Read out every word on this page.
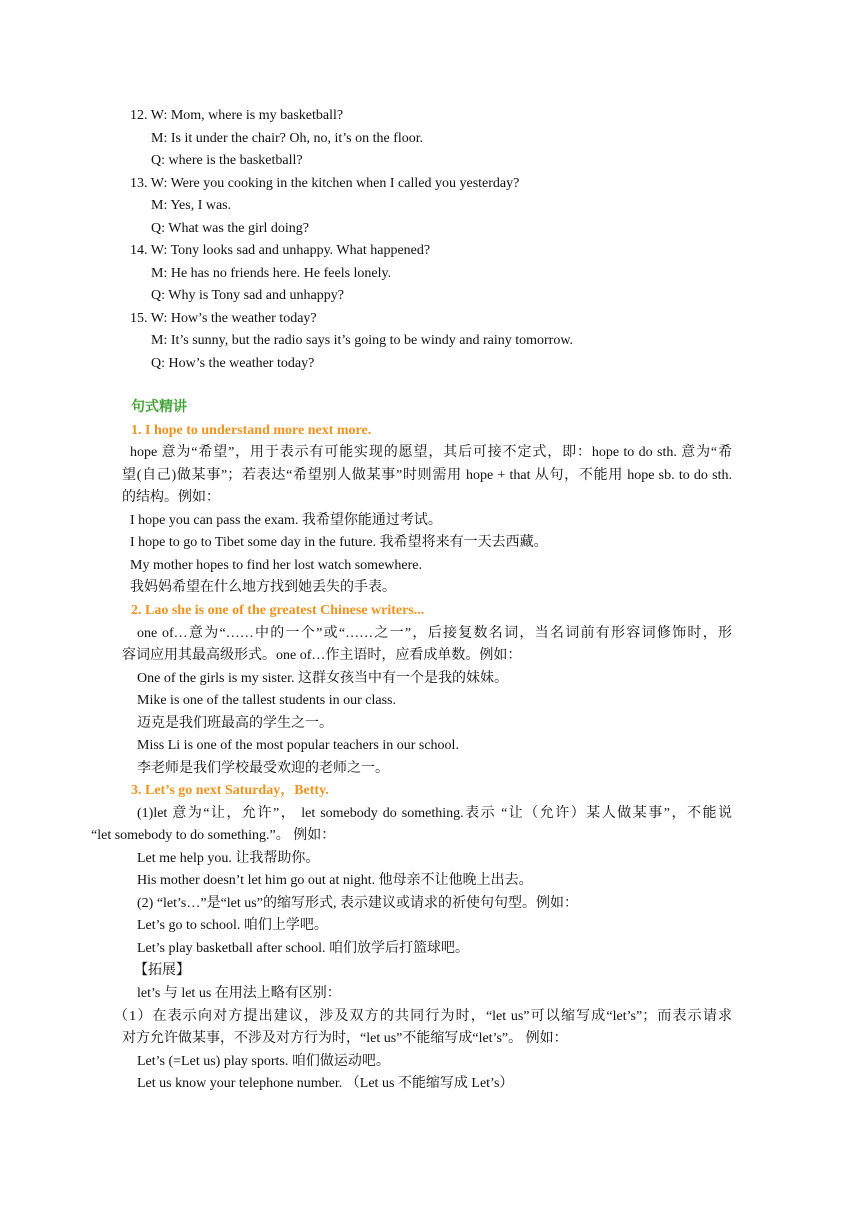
12. W: Mom, where is my basketball?
M: Is it under the chair? Oh, no, it’s on the floor.
Q: where is the basketball?
13. W: Were you cooking in the kitchen when I called you yesterday?
M: Yes, I was.
Q: What was the girl doing?
14. W: Tony looks sad and unhappy. What happened?
M: He has no friends here. He feels lonely.
Q: Why is Tony sad and unhappy?
15. W: How’s the weather today?
M: It’s sunny, but the radio says it’s going to be windy and rainy tomorrow.
Q: How’s the weather today?
句式精讲
1. I hope to understand more next more.
hope 意为“希望”，用于表示有可能实现的愿望，其后可接不定式，即：hope to do sth. 意为“希
望(自己)做某事”；若表达“希望别人做某事”时则需用 hope + that 从句，不能用 hope sb. to do sth.
的结构。例如：
I hope you can pass the exam. 我希望你能通过考试。
I hope to go to Tibet some day in the future. 我希望将来有一天去西藏。
My mother hopes to find her lost watch somewhere.
我妈妈希望在什么地方找到她丢失的手表。
2. Lao she is one of the greatest Chinese writers...
one of…意为“……中的一个”或“……之一”，后接复数名词，当名词前有形容词修饰时，形
容词应用其最高级形式。one of…作主语时，应看成单数。例如：
One of the girls is my sister. 这群女孩当中有一个是我的妹妹。
Mike is one of the tallest students in our class.
迈克是我们班最高的学生之一。
Miss Li is one of the most popular teachers in our school.
李老师是我们学校最受欢迎的老师之一。
3. Let’s go next Saturday，Betty.
(1)let 意为“让，允许”， let somebody do something.表示 “让（允许）某人做某事”，不能说
“let somebody to do something.”。 例如：
Let me help you. 让我帮助你。
His mother doesn’t let him go out at night. 他母亲不让他晚上出去。
(2) “let’s…”是“let us”的缩写形式, 表示建议或请求的祈使句句型。例如：
Let’s go to school. 咱们上学吧。
Let’s play basketball after school. 咱们放学后打篮球吧。
【拓展】
let’s 与 let us 在用法上略有区别：
（1）在表示向对方提出建议，涉及双方的共同行为时，“let us”可以缩写成“let’s”；而表示请求
对方允许做某事，不涉及对方行为时，“let us”不能缩写成“let’s”。 例如：
Let’s (=Let us) play sports. 咱们做运动吧。
Let us know your telephone number. （Let us 不能缩写成 Let’s）
